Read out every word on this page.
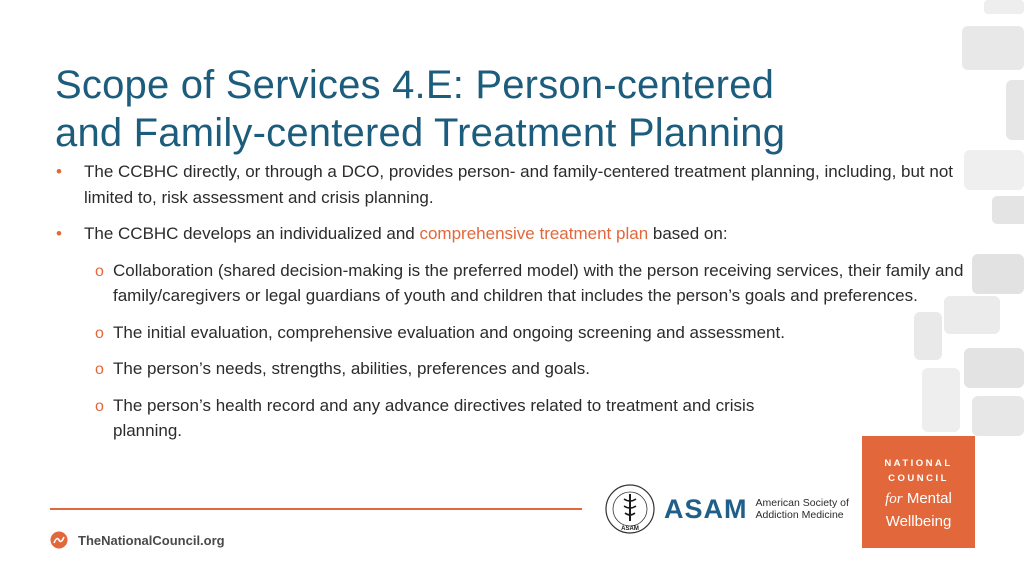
Scope of Services 4.E: Person-centered
and Family-centered Treatment Planning
• The CCBHC directly, or through a DCO, provides person- and family-centered treatment planning, including, but not limited to, risk assessment and crisis planning.
• The CCBHC develops an individualized and comprehensive treatment plan based on:
o Collaboration (shared decision-making is the preferred model) with the person receiving services, their family and family/caregivers or legal guardians of youth and children that includes the person’s goals and preferences.
o The initial evaluation, comprehensive evaluation and ongoing screening and assessment.
o The person’s needs, strengths, abilities, preferences and goals.
o The person’s health record and any advance directives related to treatment and crisis planning.
TheNationalCouncil.org
ASAM
ASAM American Society of
Addiction Medicine
NATIONAL
COUNCIL
for Mental
Wellbeing
